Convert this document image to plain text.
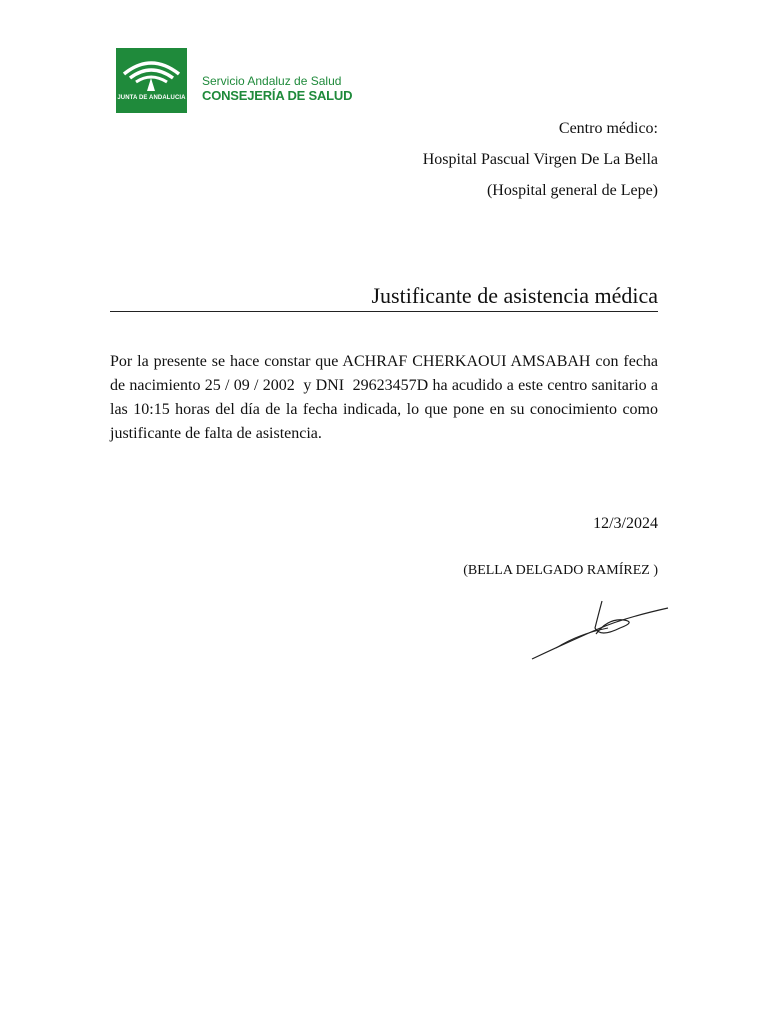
JUNTA DE ANDALUCIA
Servicio Andaluz de Salud
CONSEJERÍA DE SALUD
Centro médico:
Hospital Pascual Virgen De La Bella
(Hospital general de Lepe)
Justificante de asistencia médica
Por la presente se hace constar que ACHRAF CHERKAOUI AMSABAH con fecha de nacimiento 25 / 09 / 2002 y DNI 29623457D ha acudido a este centro sanitario a las 10:15 horas del día de la fecha indicada, lo que pone en su conocimiento como justificante de falta de asistencia.
12/3/2024
(BELLA DELGADO RAMÍREZ )
